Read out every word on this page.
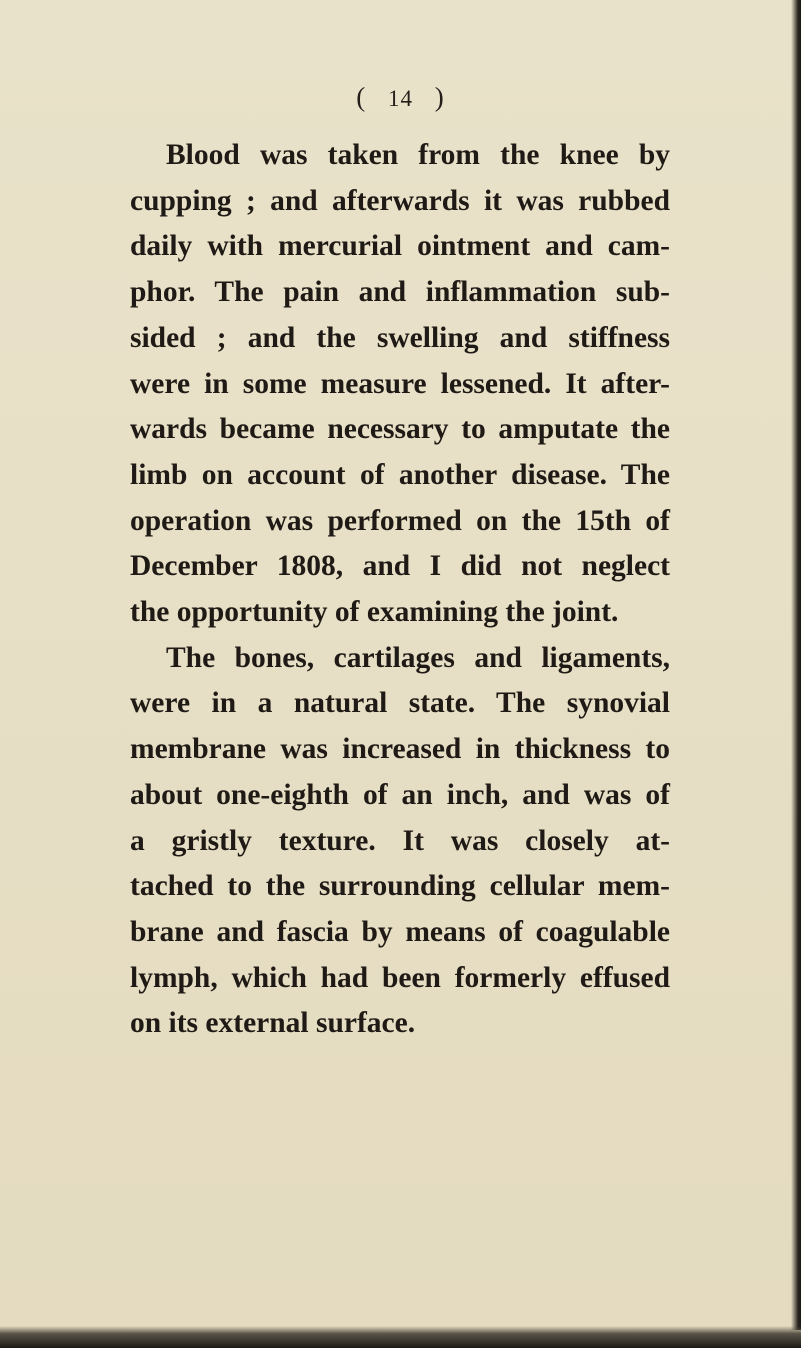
( 14 )
Blood was taken from the knee by
cupping ; and afterwards it was rubbed
daily with mercurial ointment and cam-
phor. The pain and inflammation sub-
sided ; and the swelling and stiffness
were in some measure lessened. It after-
wards became necessary to amputate the
limb on account of another disease. The
operation was performed on the 15th of
December 1808, and I did not neglect
the opportunity of examining the joint.
The bones, cartilages and ligaments,
were in a natural state. The synovial
membrane was increased in thickness to
about one-eighth of an inch, and was of
a gristly texture. It was closely at-
tached to the surrounding cellular mem-
brane and fascia by means of coagulable
lymph, which had been formerly effused
on its external surface.
